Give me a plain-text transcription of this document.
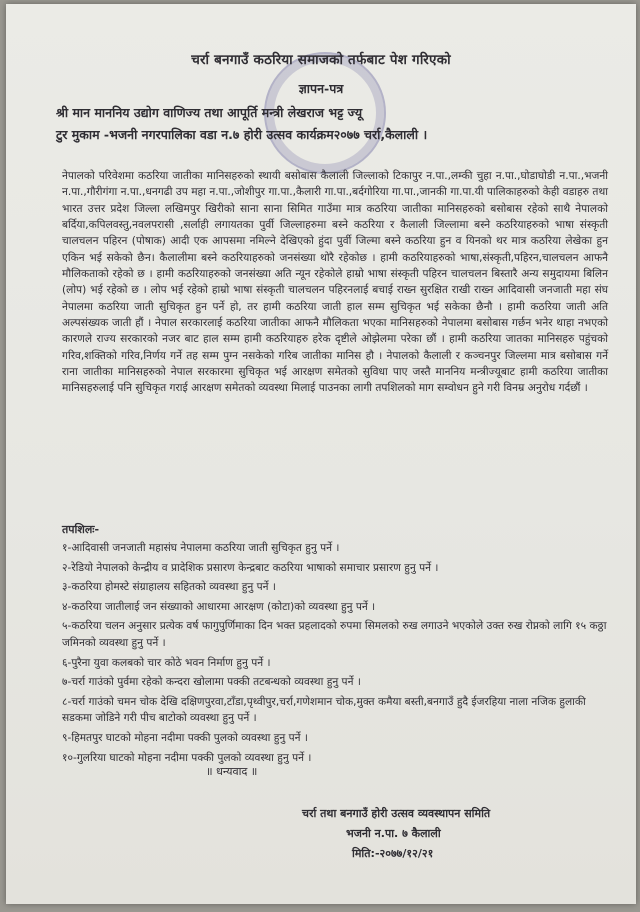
चर्रा बनगाउँ कठरिया समाजको तर्फबाट पेश गरिएको
ज्ञापन-पत्र
श्री मान माननिय उद्योग वाणिज्य तथा आपूर्ति मन्त्री लेखराज भट्ट ज्यू
टुर मुकाम -भजनी नगरपालिका वडा न.७ होरी उत्सव कार्यक्रम२०७७ चर्रा,कैलाली ।
नेपालको परिवेशमा कठरिया जातीका मानिसहरुको स्थायी बसोबास कैलाली जिल्लाको टिकापुर न.पा.,लम्की चुहा न.पा.,घोडाघोडी न.पा.,भजनी न.पा.,गौरीगंगा न.पा.,धनगढी उप महा न.पा.,जोशीपुर गा.पा.,कैलारी गा.पा.,बर्दगोरिया गा.पा.,जानकी गा.पा.यी पालिकाहरुको केही वडाहरु तथा भारत उत्तर प्रदेश जिल्ला लखिमपुर खिरीको साना साना सिमित गाउँमा मात्र कठरिया जातीका मानिसहरुको बसोबास रहेको साथै नेपालको बर्दिया,कपिलवस्तु,नवलपरासी ,सर्लाही लगायतका पुर्वी जिल्लाहरुमा बस्ने कठरिया र कैलाली जिल्लामा बस्ने कठरियाहरुको भाषा संस्कृती चालचलन पहिरन (पोषाक) आदी एक आपसमा नमिल्ने देखिएको हुंदा पुर्वी जिल्मा बस्ने कठरिया हुन व यिनको थर मात्र कठरिया लेखेका हुन एकिन भई सकेको छैन। कैलालीमा बस्ने कठरियाहरुको जनसंख्या थोरै रहेकोछ । हामी कठरियाहरुको भाषा,संस्कृती,पहिरन,चालचलन आफनै मौलिकताको रहेको छ । हामी कठरियाहरुको जनसंख्या अति न्यून रहेकोले हाम्रो भाषा संस्कृती पहिरन चालचलन बिस्तारै अन्य समुदायमा बिलिन (लोप) भई रहेको छ । लोप भई रहेको हाम्रो भाषा संस्कृती चालचलन पहिरनलाई बचाई राख्न सुरक्षित राखी राख्न आदिवासी जनजाती महा संघ नेपालमा कठरिया जाती सुचिकृत हुन पर्ने हो, तर हामी कठरिया जाती हाल सम्म सुचिकृत भई सकेका छैनौ । हामी कठरिया जाती अति अल्पसंख्यक जाती हौं । नेपाल सरकारलाई कठरिया जातीका आफनै मौलिकता भएका मानिसहरुको नेपालमा बसोबास गर्छन भनेर थाहा नभएको कारणले राज्य सरकारको नजर बाट हाल सम्म हामी कठरियाहरु हरेक दृष्टीले ओझेलमा परेका छौं । हामी कठरिया जातका मानिसहरु पहुंचको गरिव,शक्तिको गरिव,निर्णय गर्ने तह सम्म पुग्न नसकेको गरिब जातीका मानिस हौ । नेपालको कैलाली र कञ्चनपुर जिल्लमा मात्र बसोबास गर्ने राना जातीका मानिसहरुको नेपाल सरकारमा सुचिकृत भई आरक्षण समेतको सुविधा पाए जस्तै माननिय मन्त्रीज्यूबाट हामी कठरिया जातीका मानिसहरुलाई पनि सुचिकृत गराई आरक्षण समेतको व्यवस्था मिलाई पाउनका लागी तपशिलको माग सम्वोधन हुने गरी विनम्र अनुरोध गर्दछौं ।
तपशिलः-
१-आदिवासी जनजाती महासंघ नेपालमा कठरिया जाती सुचिकृत हुनु पर्ने ।
२-रेडियो नेपालको केन्द्रीय व प्रादेशिक प्रसारण केन्द्रबाट कठरिया भाषाको समाचार प्रसारण हुनु पर्ने ।
३-कठरिया होमस्टे संग्राहालय सहितको व्यवस्था हुनु पर्ने ।
४-कठरिया जातीलाई जन संख्याको आधारमा आरक्षण (कोटा)को व्यवस्था हुनु पर्ने ।
५-कठरिया चलन अनुसार प्रत्येक वर्ष फागुपुर्णिमाका दिन भक्त प्रहलादको रुपमा सिमलको रुख लगाउने भएकोले उक्त रुख रोप्नको लागि १५ कठ्ठा जमिनको व्यवस्था हुनु पर्ने ।
६-पुरैना युवा कलबको चार कोठे भवन निर्माण हुनु पर्ने ।
७-चर्रा गाउंको पुर्वमा रहेको कन्दरा खोलामा पक्की तटबन्धको व्यवस्था हुनु पर्ने ।
८-चर्रा गाउंको चमन चोक देखि दक्षिणपुरवा,टाँडा,पृथ्वीपुर,चर्रा,गणेशमान चोक,मुक्त कमैया बस्ती,बनगाउँ हुदै ईजरहिया नाला नजिक हुलाकी सडकमा जोडिने गरी पीच बाटोको व्यवस्था हुनु पर्ने ।
९-हिमतपुर घाटको मोहना नदीमा पक्की पुलको व्यवस्था हुनु पर्ने ।
१०-गुलरिया घाटको मोहना नदीमा पक्की पुलको व्यवस्था हुनु पर्ने ।
॥ धन्यवाद ॥
चर्रा तथा बनगाउँ होरी उत्सव व्यवस्थापन समिति
भजनी न.पा. ७ कैलाली
मिति:-२०७७/१२/२१
